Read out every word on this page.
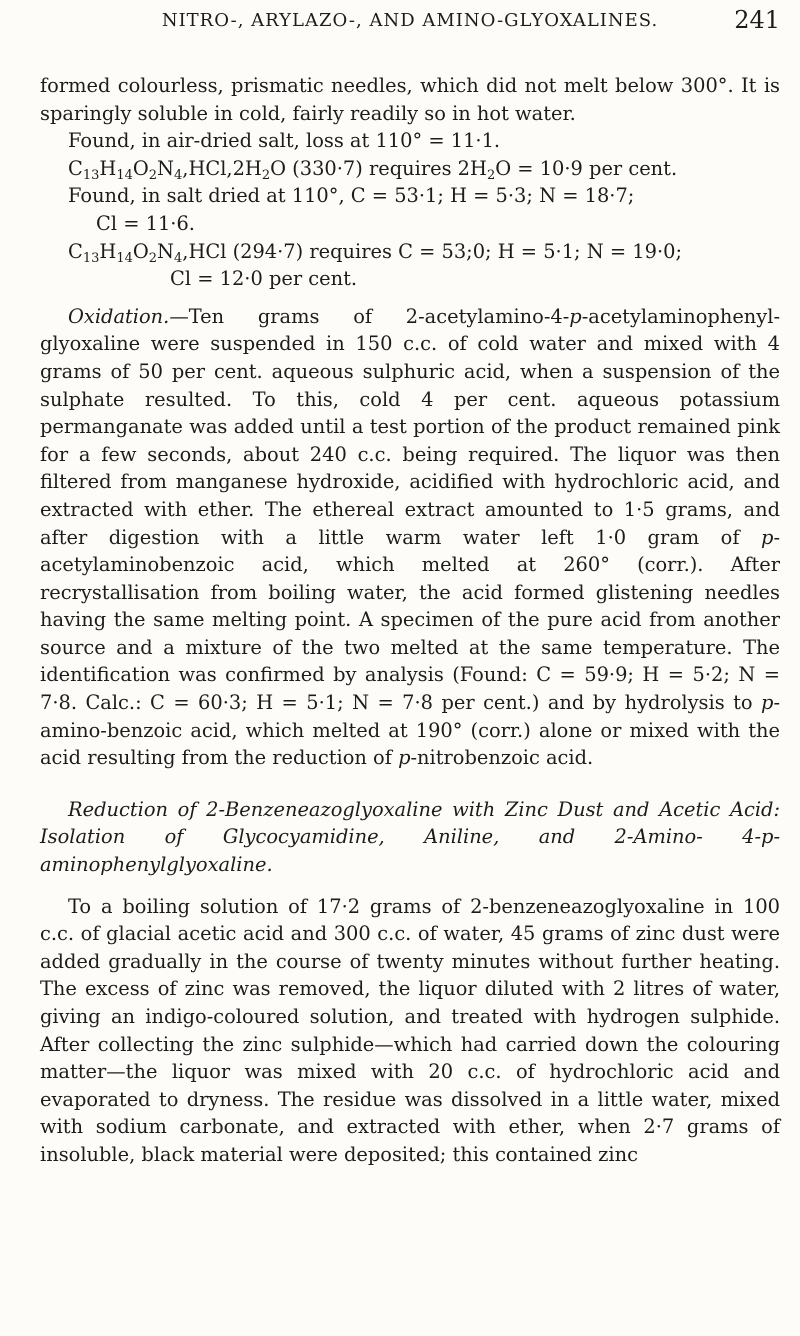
NITRO-, ARYLAZO-, AND AMINO-GLYOXALINES.	241

formed colourless, prismatic needles, which did not melt below 300°. It is sparingly soluble in cold, fairly readily so in hot water.

Found, in air-dried salt, loss at 110° = 11·1.

$C_{13}H_{14}O_2N_4,HCl,2H_2O$ (330·7) requires $2H_2O = 10\cdot 9$ per cent.

Found, in salt dried at 110°, C = 53·1; H = 5·3; N = 18·7;

Cl = 11·6.

$C_{13}H_{14}O_2N_4,HCl$ (294·7) requires C = 53;0; H = 5·1; N = 19·0;

Cl = 12·0 per cent.

Oxidation.—Ten grams of 2-acetylamino-4-p-acetylaminophenyl-glyoxaline were suspended in 150 c.c. of cold water and mixed with 4 grams of 50 per cent. aqueous sulphuric acid, when a suspension of the sulphate resulted. To this, cold 4 per cent. aqueous potassium permanganate was added until a test portion of the product remained pink for a few seconds, about 240 c.c. being required. The liquor was then filtered from manganese hydroxide, acidified with hydrochloric acid, and extracted with ether. The ethereal extract amounted to 1·5 grams, and after digestion with a little warm water left 1·0 gram of p-acetylaminobenzoic acid, which melted at 260° (corr.). After recrystallisation from boiling water, the acid formed glistening needles having the same melting point. A specimen of the pure acid from another source and a mixture of the two melted at the same temperature. The identification was confirmed by analysis (Found: C = 59·9; H = 5·2; N = 7·8. Calc.: C = 60·3; H = 5·1; N = 7·8 per cent.) and by hydrolysis to p-amino-benzoic acid, which melted at 190° (corr.) alone or mixed with the acid resulting from the reduction of p-nitrobenzoic acid.

Reduction of 2-Benzeneazoglyoxaline with Zinc Dust and Acetic Acid: Isolation of Glycocyamidine, Aniline, and 2-Amino- 4-p-aminophenylglyoxaline.

To a boiling solution of 17·2 grams of 2-benzeneazoglyoxaline in 100 c.c. of glacial acetic acid and 300 c.c. of water, 45 grams of zinc dust were added gradually in the course of twenty minutes without further heating. The excess of zinc was removed, the liquor diluted with 2 litres of water, giving an indigo-coloured solution, and treated with hydrogen sulphide. After collecting the zinc sulphide—which had carried down the colouring matter—the liquor was mixed with 20 c.c. of hydrochloric acid and evaporated to dryness. The residue was dissolved in a little water, mixed with sodium carbonate, and extracted with ether, when 2·7 grams of insoluble, black material were deposited; this contained zinc
